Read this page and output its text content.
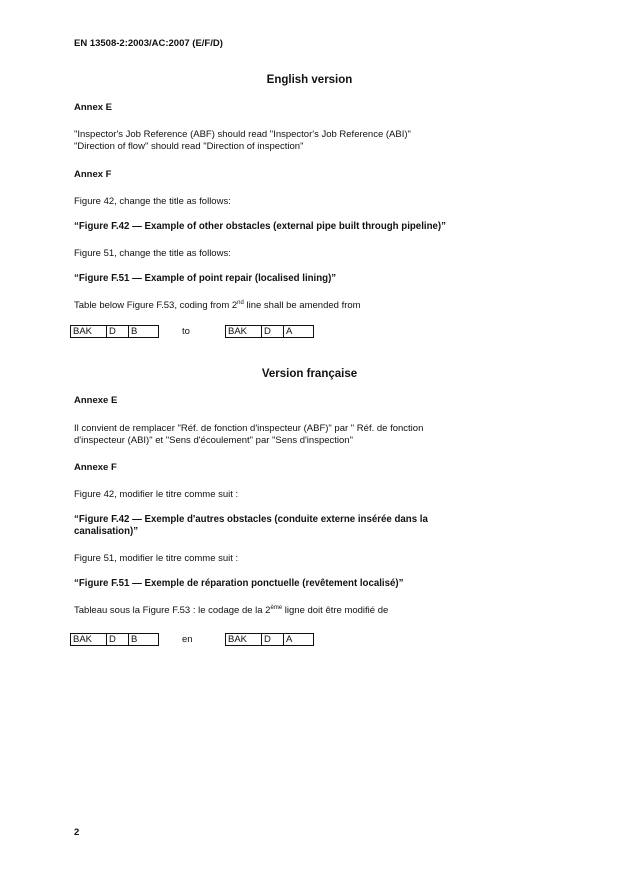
EN 13508-2:2003/AC:2007 (E/F/D)
English version
Annex E
"Inspector's Job Reference (ABF) should read "Inspector's Job Reference (ABI)"
"Direction of flow" should read "Direction of inspection"
Annex F
Figure 42, change the title as follows:
“Figure F.42 — Example of other obstacles (external pipe built through pipeline)”
Figure 51, change the title as follows:
“Figure F.51 — Example of point repair (localised lining)”
Table below Figure F.53, coding from 2nd line shall be amended from
BAK	D	B	to	BAK	D	A
Version française
Annexe E
Il convient de remplacer "Réf. de fonction d'inspecteur (ABF)" par " Réf. de fonction
d'inspecteur (ABI)" et "Sens d'écoulement" par "Sens d'inspection"
Annexe F
Figure 42, modifier le titre comme suit :
“Figure F.42 — Exemple d'autres obstacles (conduite externe insérée dans la
canalisation)”
Figure 51, modifier le titre comme suit :
“Figure F.51 — Exemple de réparation ponctuelle (revêtement localisé)”
Tableau sous la Figure F.53 : le codage de la 2ème ligne doit être modifié de
BAK	D	B	en	BAK	D	A
2
